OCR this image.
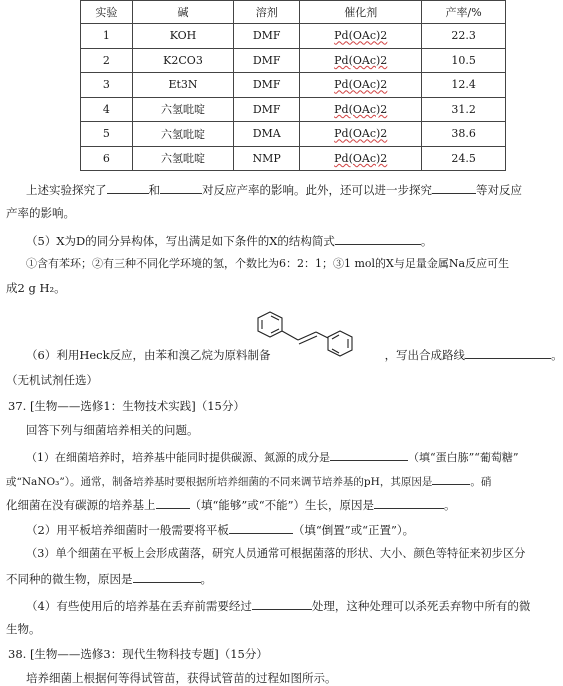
实验	碱	溶剂	催化剂	产率/%
1	KOH	DMF	Pd(OAc)2	22.3
2	K2CO3	DMF	Pd(OAc)2	10.5
3	Et3N	DMF	Pd(OAc)2	12.4
4	六氢吡啶	DMF	Pd(OAc)2	31.2
5	六氢吡啶	DMA	Pd(OAc)2	38.6
6	六氢吡啶	NMP	Pd(OAc)2	24.5
上述实验探究了	和	对反应产率的影响。此外，还可以进一步探究	等对反应
产率的影响。
（5）X为D的同分异构体，写出满足如下条件的X的结构简式	。
①含有苯环；②有三种不同化学环境的氢，个数比为6：2：1；③1 mol的X与足量金属Na反应可生
成2 g H₂。
（6）利用Heck反应，由苯和溴乙烷为原料制备	，写出合成路线	。
（无机试剂任选）
37. [生物——选修1：生物技术实践]（15分）
回答下列与细菌培养相关的问题。
（1）在细菌培养时，培养基中能同时提供碳源、氮源的成分是	（填“蛋白胨”“葡萄糖”
或“NaNO₃”）。通常，制备培养基时要根据所培养细菌的不同来调节培养基的pH，其原因是	。硝
化细菌在没有碳源的培养基上	（填“能够”或“不能”）生长，原因是	。
（2）用平板培养细菌时一般需要将平板	（填“倒置”或“正置”）。
（3）单个细菌在平板上会形成菌落，研究人员通常可根据菌落的形状、大小、颜色等特征来初步区分
不同种的微生物，原因是	。
（4）有些使用后的培养基在丢弃前需要经过	处理，这种处理可以杀死丢弃物中所有的微
生物。
38. [生物——选修3：现代生物科技专题]（15分）
培养细菌上根据何等得试管苗，获得试管苗的过程如图所示。
